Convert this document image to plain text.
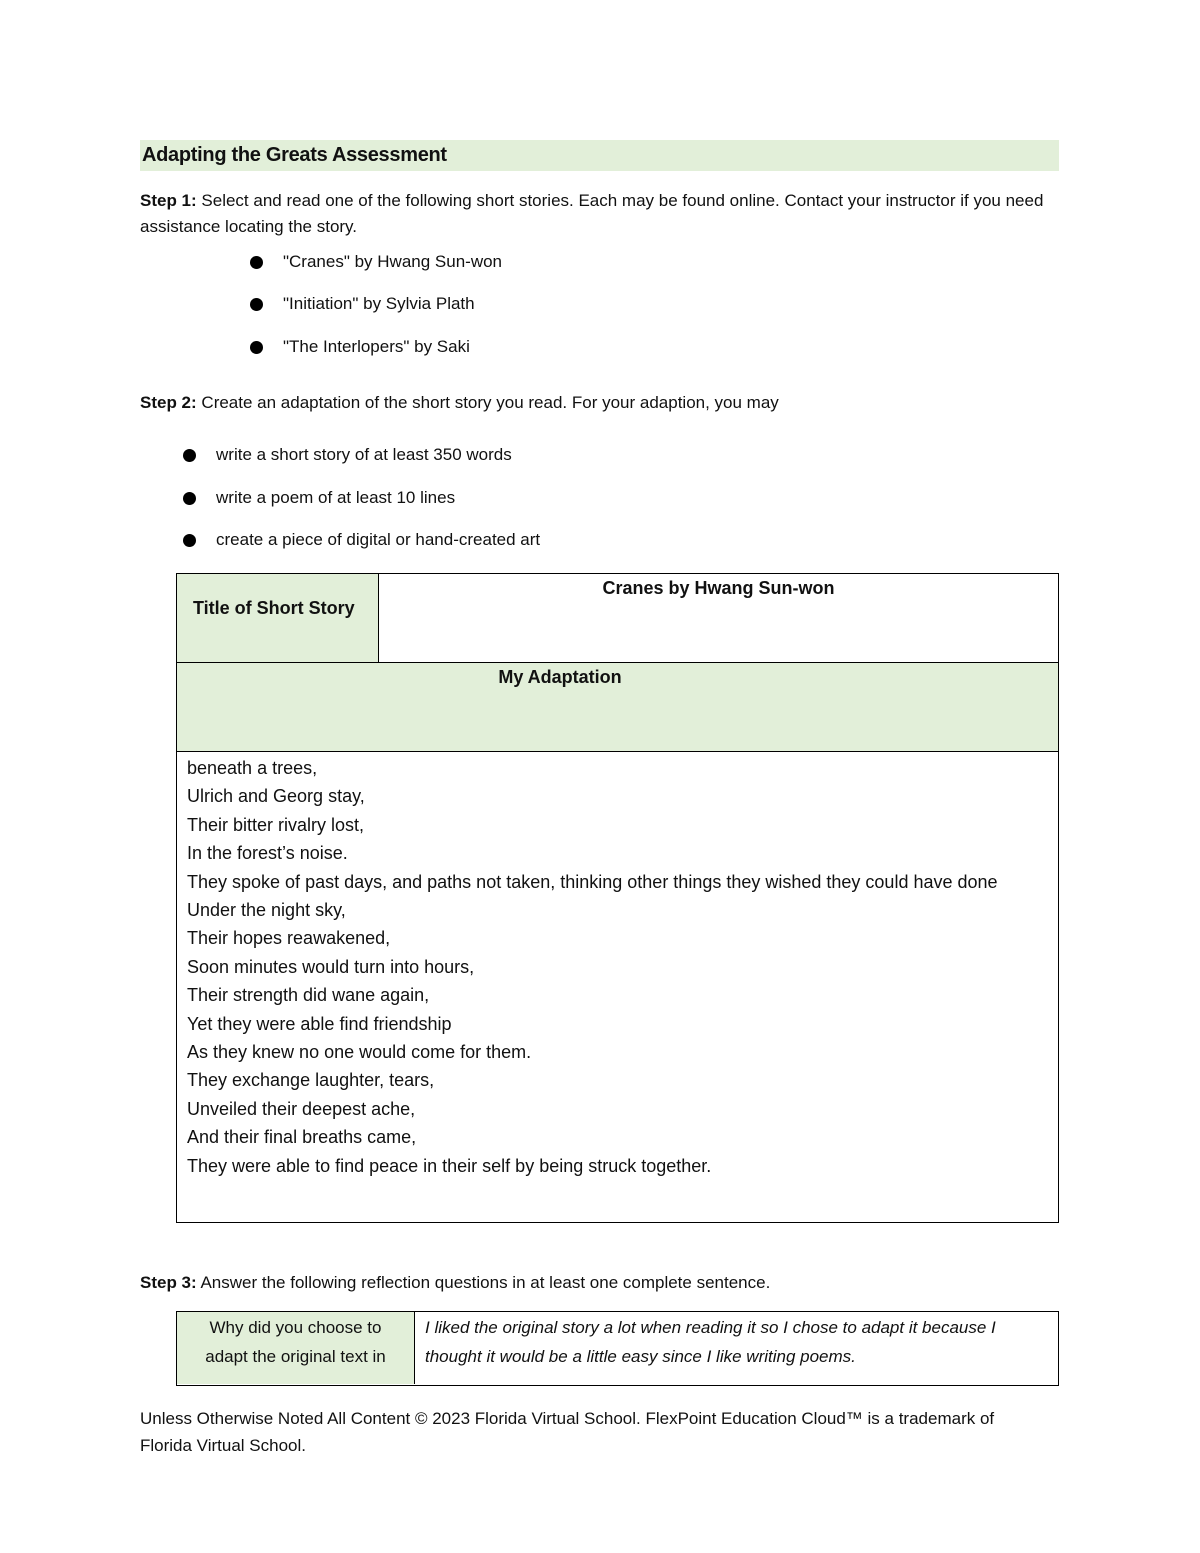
Adapting the Greats Assessment
Step 1: Select and read one of the following short stories. Each may be found online. Contact your instructor if you need assistance locating the story.
"Cranes" by Hwang Sun-won
"Initiation" by Sylvia Plath
"The Interlopers" by Saki
Step 2: Create an adaptation of the short story you read. For your adaption, you may
write a short story of at least 350 words
write a poem of at least 10 lines
create a piece of digital or hand-created art
Title of Short Story
Cranes by Hwang Sun-won
My Adaptation
beneath a trees,
Ulrich and Georg stay,
Their bitter rivalry lost,
In the forest’s noise.
They spoke of past days, and paths not taken, thinking other things they wished they could have done
Under the night sky,
Their hopes reawakened,
Soon minutes would turn into hours,
Their strength did wane again,
Yet they were able find friendship
As they knew no one would come for them.
They exchange laughter, tears,
Unveiled their deepest ache,
And their final breaths came,
They were able to find peace in their self by being struck together.
Step 3: Answer the following reflection questions in at least one complete sentence.
Why did you choose to adapt the original text in
I liked the original story a lot when reading it so I chose to adapt it because I thought it would be a little easy since I like writing poems.
Unless Otherwise Noted All Content © 2023 Florida Virtual School. FlexPoint Education Cloud™ is a trademark of Florida Virtual School.
